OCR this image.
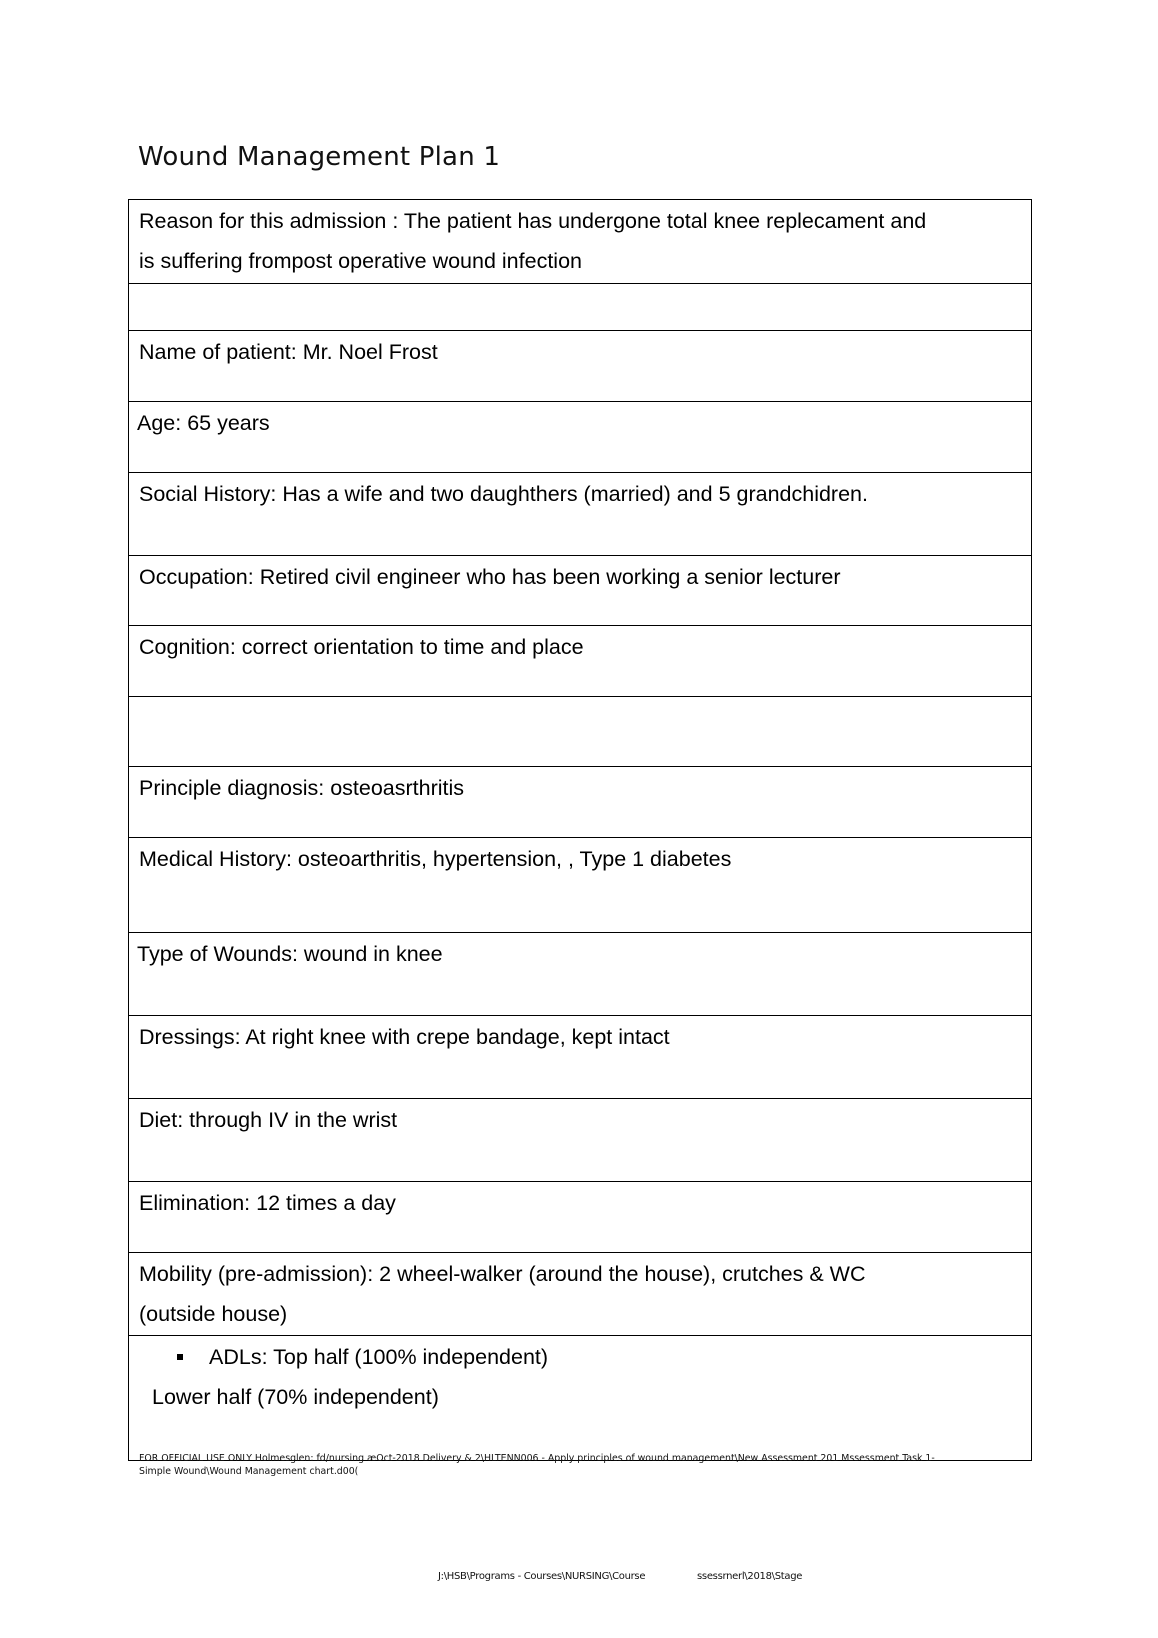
Wound Management Plan 1
Reason for this admission : The patient has undergone total knee replecament and
is suffering frompost operative wound infection
Name of patient: Mr. Noel Frost
Age: 65 years
Social History: Has a wife and two daughthers (married) and 5 grandchidren.
Occupation: Retired civil engineer who has been working a senior lecturer
Cognition: correct orientation to time and place
Principle diagnosis: osteoasrthritis
Medical History: osteoarthritis, hypertension, , Type 1 diabetes
Type of Wounds: wound in knee
Dressings: At right knee with crepe bandage, kept intact
Diet: through IV in the wrist
Elimination: 12 times a day
Mobility (pre-admission): 2 wheel-walker (around the house), crutches & WC
(outside house)
ADLs: Top half (100% independent)
Lower half (70% independent)
FOR OFFICIAL USE ONLY Holmesglen: fd/nursing æOct-2018 Delivery & 2\HLTENN006 - Apply principles of wound management\New Assessment 201 Mssessment Task 1-
Simple Wound\Wound Management chart.d00(
J:\HSB\Programs - Courses\NURSING\Course	ssessrnerl\2018\Stage
